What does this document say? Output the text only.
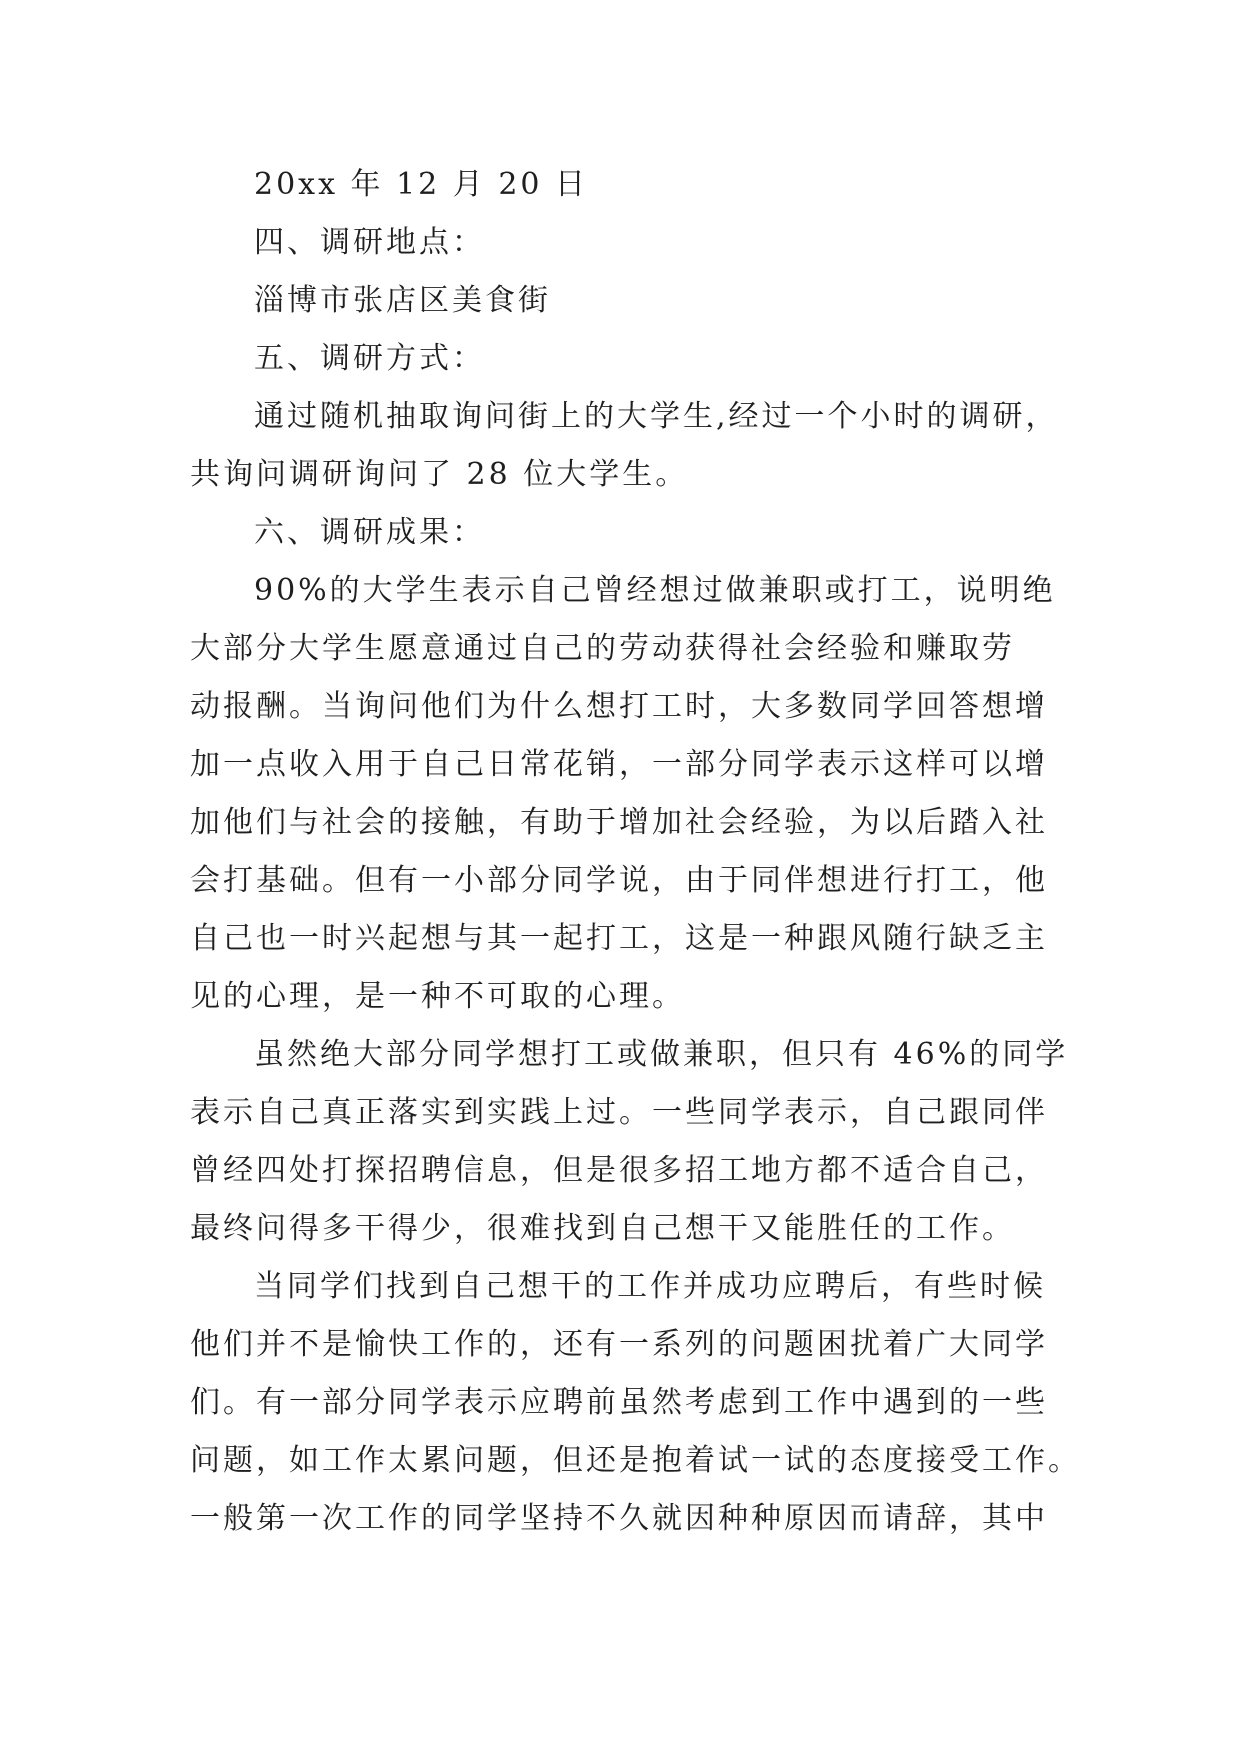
20xx 年 12 月 20 日
四、调研地点：
淄博市张店区美食街
五、调研方式：
通过随机抽取询问街上的大学生,经过一个小时的调研，
共询问调研询问了 28 位大学生。
六、调研成果：
90%的大学生表示自己曾经想过做兼职或打工，说明绝
大部分大学生愿意通过自己的劳动获得社会经验和赚取劳
动报酬。当询问他们为什么想打工时，大多数同学回答想增
加一点收入用于自己日常花销，一部分同学表示这样可以增
加他们与社会的接触，有助于增加社会经验，为以后踏入社
会打基础。但有一小部分同学说，由于同伴想进行打工，他
自己也一时兴起想与其一起打工，这是一种跟风随行缺乏主
见的心理，是一种不可取的心理。
虽然绝大部分同学想打工或做兼职，但只有 46%的同学
表示自己真正落实到实践上过。一些同学表示，自己跟同伴
曾经四处打探招聘信息，但是很多招工地方都不适合自己，
最终问得多干得少，很难找到自己想干又能胜任的工作。
当同学们找到自己想干的工作并成功应聘后，有些时候
他们并不是愉快工作的，还有一系列的问题困扰着广大同学
们。有一部分同学表示应聘前虽然考虑到工作中遇到的一些
问题，如工作太累问题，但还是抱着试一试的态度接受工作。
一般第一次工作的同学坚持不久就因种种原因而请辞，其中
